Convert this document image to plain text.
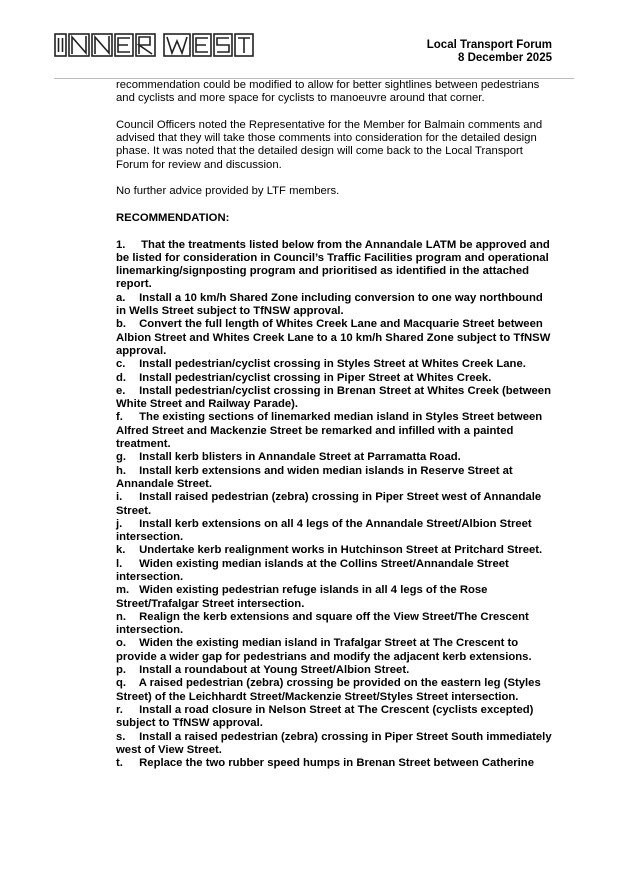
Local Transport Forum
8 December 2025

recommendation could be modified to allow for better sightlines between pedestrians and cyclists and more space for cyclists to manoeuvre around that corner.

Council Officers noted the Representative for the Member for Balmain comments and advised that they will take those comments into consideration for the detailed design phase. It was noted that the detailed design will come back to the Local Transport Forum for review and discussion.

No further advice provided by LTF members.

RECOMMENDATION:

1. That the treatments listed below from the Annandale LATM be approved and be listed for consideration in Council’s Traffic Facilities program and operational linemarking/signposting program and prioritised as identified in the attached report.

a. Install a 10 km/h Shared Zone including conversion to one way northbound in Wells Street subject to TfNSW approval.

b. Convert the full length of Whites Creek Lane and Macquarie Street between Albion Street and Whites Creek Lane to a 10 km/h Shared Zone subject to TfNSW approval.

c. Install pedestrian/cyclist crossing in Styles Street at Whites Creek Lane.

d. Install pedestrian/cyclist crossing in Piper Street at Whites Creek.

e. Install pedestrian/cyclist crossing in Brenan Street at Whites Creek (between White Street and Railway Parade).

f. The existing sections of linemarked median island in Styles Street between Alfred Street and Mackenzie Street be remarked and infilled with a painted treatment.

g. Install kerb blisters in Annandale Street at Parramatta Road.

h. Install kerb extensions and widen median islands in Reserve Street at Annandale Street.

i. Install raised pedestrian (zebra) crossing in Piper Street west of Annandale Street.

j. Install kerb extensions on all 4 legs of the Annandale Street/Albion Street intersection.

k. Undertake kerb realignment works in Hutchinson Street at Pritchard Street.

l. Widen existing median islands at the Collins Street/Annandale Street intersection.

m. Widen existing pedestrian refuge islands in all 4 legs of the Rose Street/Trafalgar Street intersection.

n. Realign the kerb extensions and square off the View Street/The Crescent intersection.

o. Widen the existing median island in Trafalgar Street at The Crescent to provide a wider gap for pedestrians and modify the adjacent kerb extensions.

p. Install a roundabout at Young Street/Albion Street.

q. A raised pedestrian (zebra) crossing be provided on the eastern leg (Styles Street) of the Leichhardt Street/Mackenzie Street/Styles Street intersection.

r. Install a road closure in Nelson Street at The Crescent (cyclists excepted) subject to TfNSW approval.

s. Install a raised pedestrian (zebra) crossing in Piper Street South immediately west of View Street.

t. Replace the two rubber speed humps in Brenan Street between Catherine
